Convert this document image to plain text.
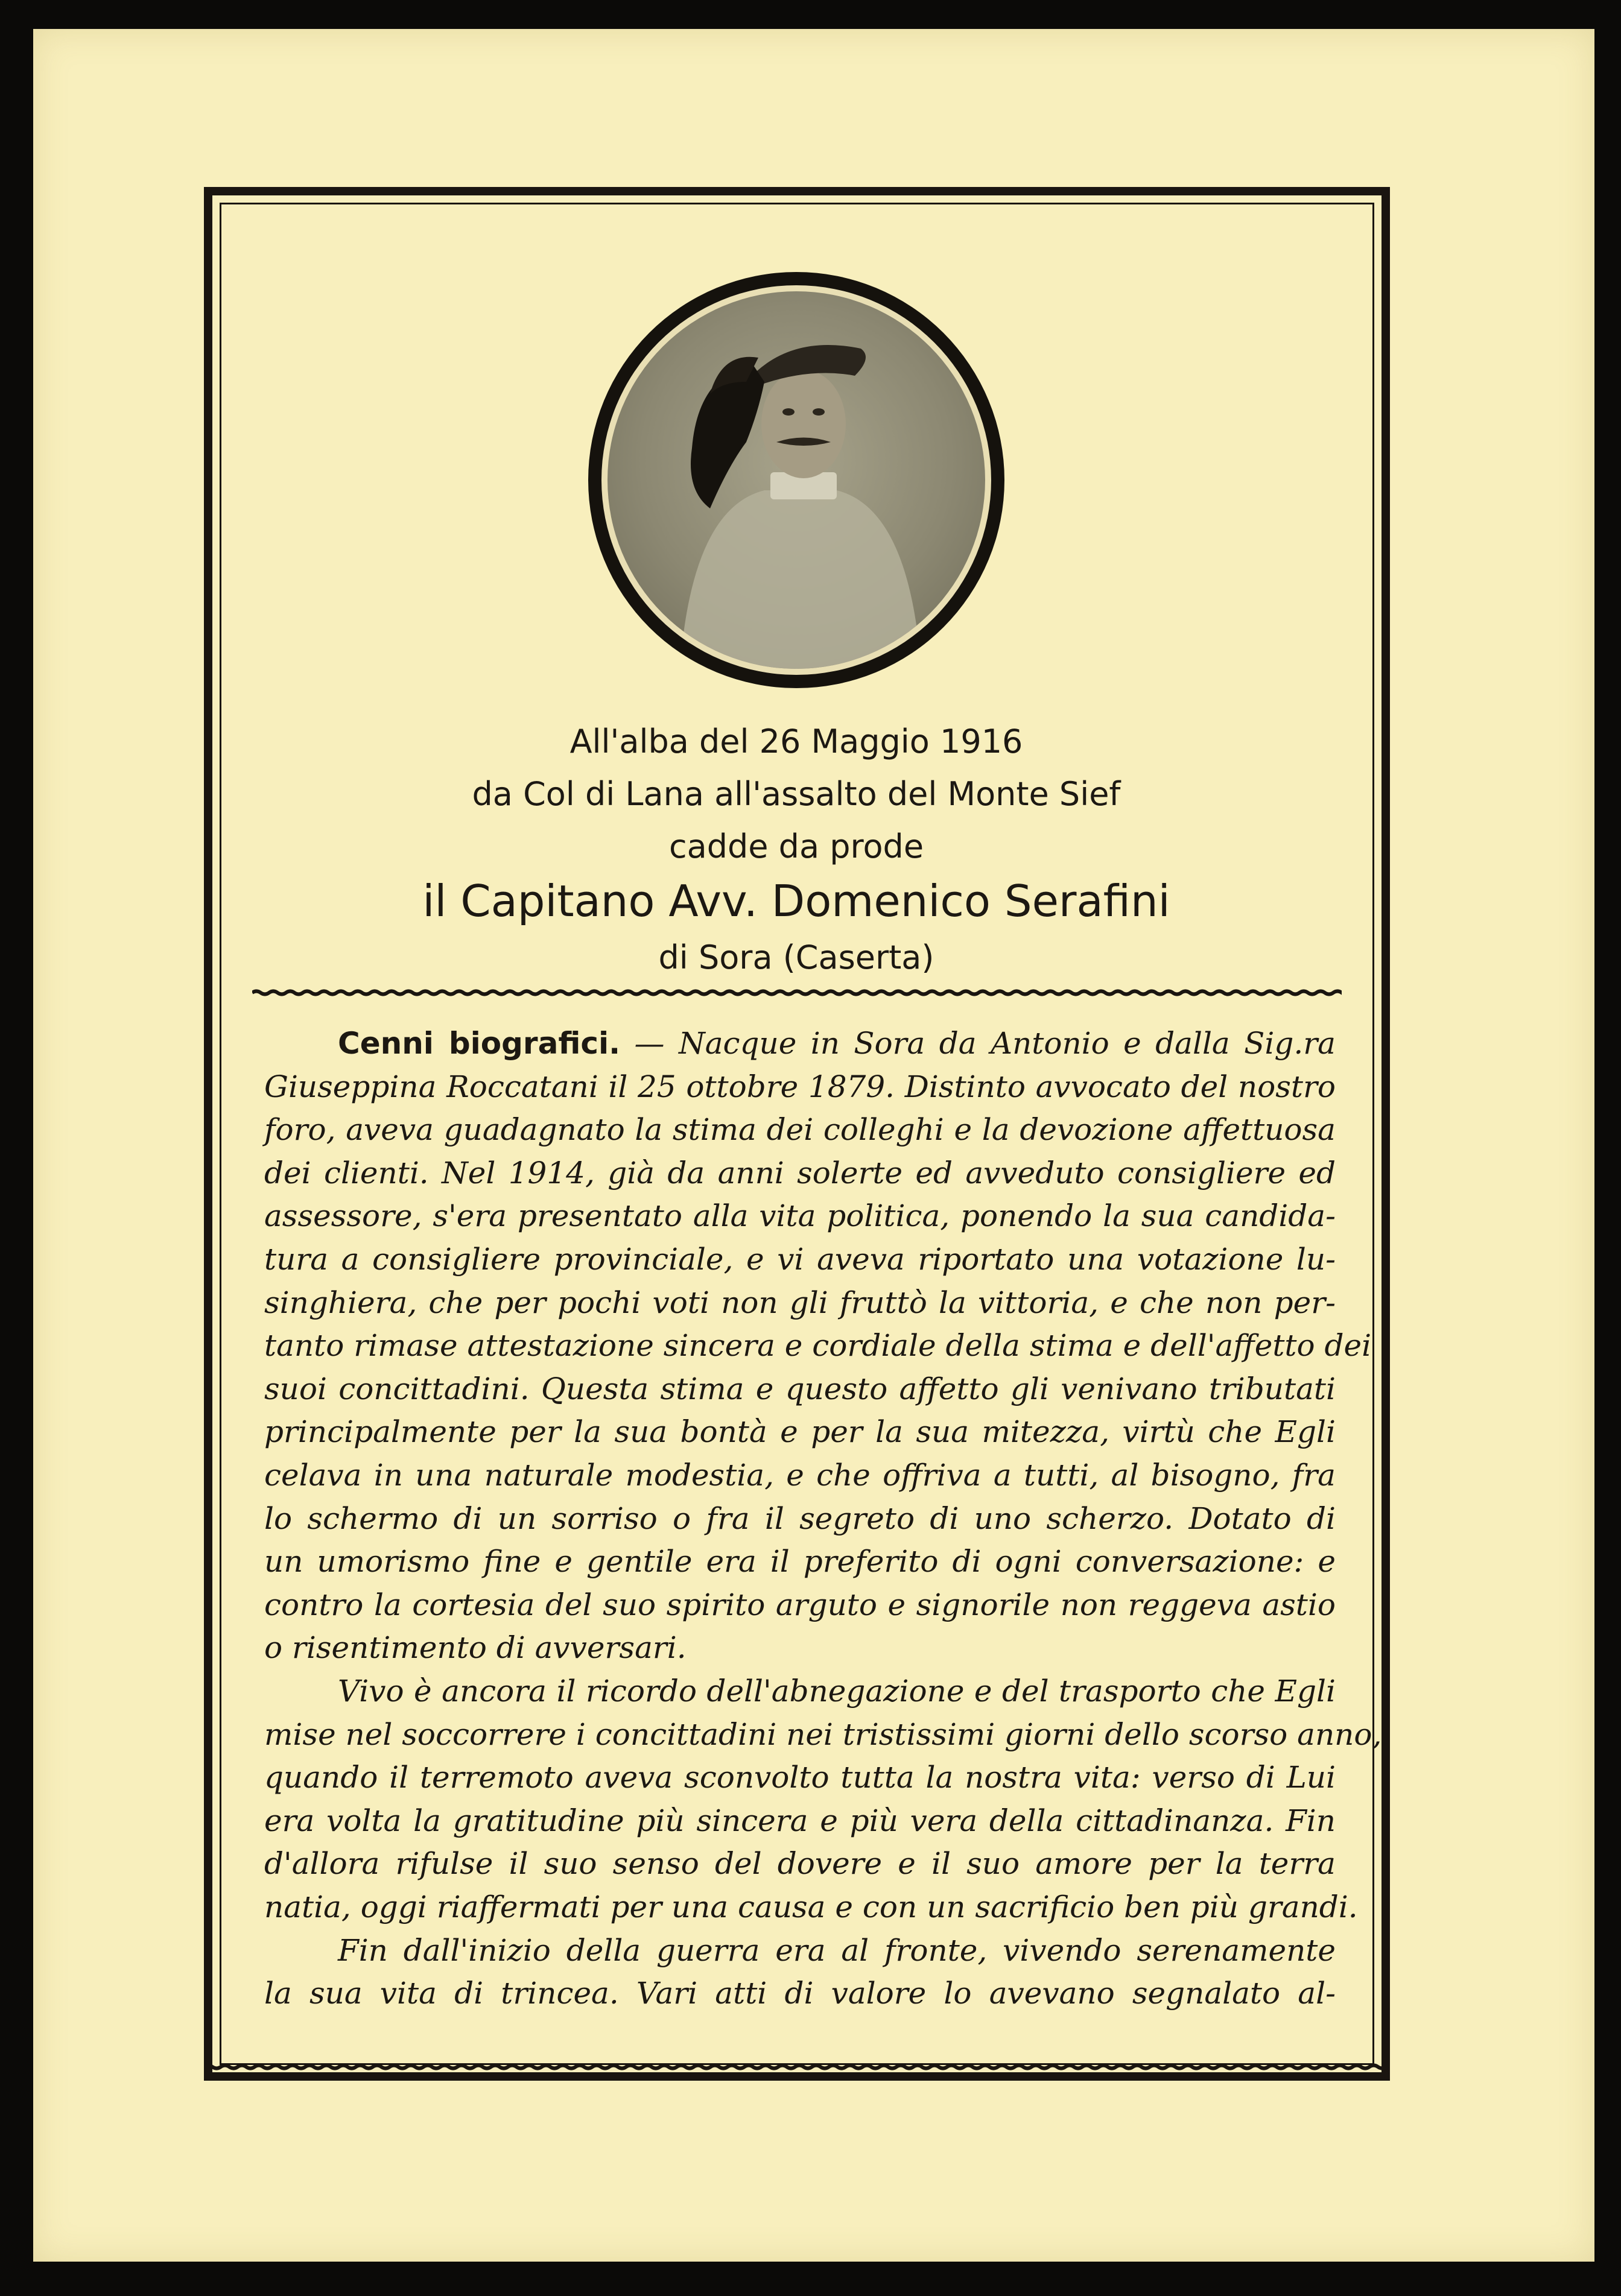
All'alba del 26 Maggio 1916
da Col di Lana all'assalto del Monte Sief
cadde da prode
il Capitano Avv. Domenico Serafini
di Sora (Caserta)
Cenni biografici. — Nacque in Sora da Antonio e dalla Sig.ra
Giuseppina Roccatani il 25 ottobre 1879. Distinto avvocato del nostro
foro, aveva guadagnato la stima dei colleghi e la devozione affettuosa
dei clienti. Nel 1914, già da anni solerte ed avveduto consigliere ed
assessore, s'era presentato alla vita politica, ponendo la sua candida-
tura a consigliere provinciale, e vi aveva riportato una votazione lu-
singhiera, che per pochi voti non gli fruttò la vittoria, e che non per-
tanto rimase attestazione sincera e cordiale della stima e dell'affetto dei
suoi concittadini. Questa stima e questo affetto gli venivano tributati
principalmente per la sua bontà e per la sua mitezza, virtù che Egli
celava in una naturale modestia, e che offriva a tutti, al bisogno, fra
lo schermo di un sorriso o fra il segreto di uno scherzo. Dotato di
un umorismo fine e gentile era il preferito di ogni conversazione: e
contro la cortesia del suo spirito arguto e signorile non reggeva astio
o risentimento di avversari.
Vivo è ancora il ricordo dell'abnegazione e del trasporto che Egli
mise nel soccorrere i concittadini nei tristissimi giorni dello scorso anno,
quando il terremoto aveva sconvolto tutta la nostra vita: verso di Lui
era volta la gratitudine più sincera e più vera della cittadinanza. Fin
d'allora rifulse il suo senso del dovere e il suo amore per la terra
natia, oggi riaffermati per una causa e con un sacrificio ben più grandi.
Fin dall'inizio della guerra era al fronte, vivendo serenamente
la sua vita di trincea. Vari atti di valore lo avevano segnalato al-
